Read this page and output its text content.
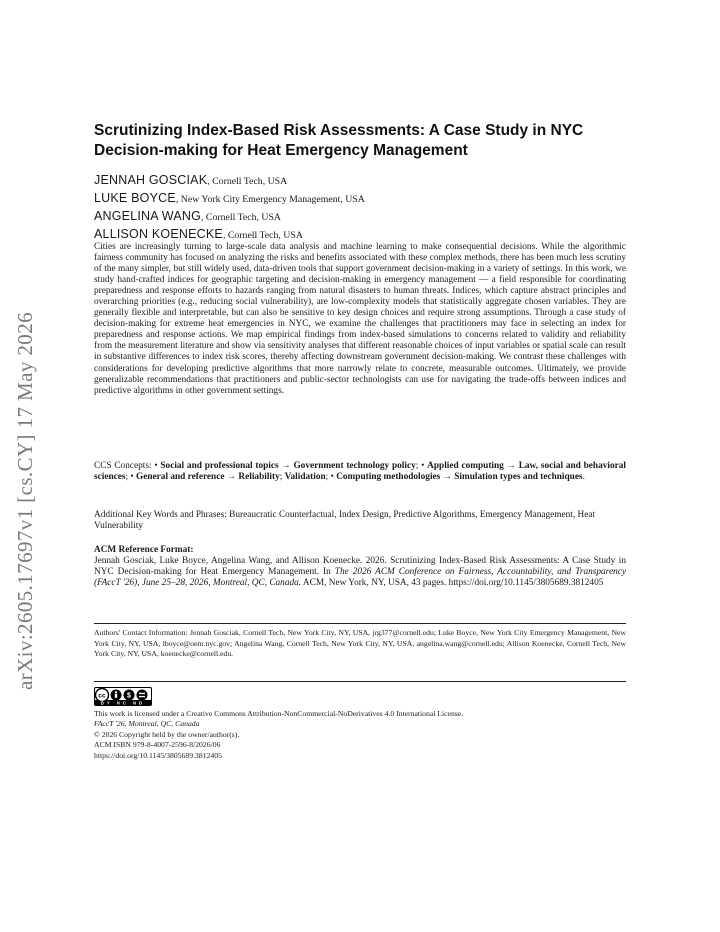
arXiv:2605.17697v1 [cs.CY] 17 May 2026
Scrutinizing Index-Based Risk Assessments: A Case Study in NYC Decision-making for Heat Emergency Management
JENNAH GOSCIAK, Cornell Tech, USA
LUKE BOYCE, New York City Emergency Management, USA
ANGELINA WANG, Cornell Tech, USA
ALLISON KOENECKE, Cornell Tech, USA
Cities are increasingly turning to large-scale data analysis and machine learning to make consequential decisions. While the algorithmic fairness community has focused on analyzing the risks and benefits associated with these complex methods, there has been much less scrutiny of the many simpler, but still widely used, data-driven tools that support government decision-making in a variety of settings. In this work, we study hand-crafted indices for geographic targeting and decision-making in emergency management — a field responsible for coordinating preparedness and response efforts to hazards ranging from natural disasters to human threats. Indices, which capture abstract principles and overarching priorities (e.g., reducing social vulnerability), are low-complexity models that statistically aggregate chosen variables. They are generally flexible and interpretable, but can also be sensitive to key design choices and require strong assumptions. Through a case study of decision-making for extreme heat emergencies in NYC, we examine the challenges that practitioners may face in selecting an index for preparedness and response actions. We map empirical findings from index-based simulations to concerns related to validity and reliability from the measurement literature and show via sensitivity analyses that different reasonable choices of input variables or spatial scale can result in substantive differences to index risk scores, thereby affecting downstream government decision-making. We contrast these challenges with considerations for developing predictive algorithms that more narrowly relate to concrete, measurable outcomes. Ultimately, we provide generalizable recommendations that practitioners and public-sector technologists can use for navigating the trade-offs between indices and predictive algorithms in other government settings.
CCS Concepts: • Social and professional topics → Government technology policy; • Applied computing → Law, social and behavioral sciences; • General and reference → Reliability; Validation; • Computing methodologies → Simulation types and techniques.
Additional Key Words and Phrases: Bureaucratic Counterfactual, Index Design, Predictive Algorithms, Emergency Management, Heat Vulnerability
ACM Reference Format:
Jennah Gosciak, Luke Boyce, Angelina Wang, and Allison Koenecke. 2026. Scrutinizing Index-Based Risk Assessments: A Case Study in NYC Decision-making for Heat Emergency Management. In The 2026 ACM Conference on Fairness, Accountability, and Transparency (FAccT '26), June 25–28, 2026, Montreal, QC, Canada. ACM, New York, NY, USA, 43 pages. https://doi.org/10.1145/3805689.3812405
Authors' Contact Information: Jennah Gosciak, Cornell Tech, New York City, NY, USA, jrg377@cornell.edu; Luke Boyce, New York City Emergency Management, New York City, NY, USA, lboyce@oem.nyc.gov; Angelina Wang, Cornell Tech, New York City, NY, USA, angelina.wang@cornell.edu; Allison Koenecke, Cornell Tech, New York City, NY, USA, koenecke@cornell.edu.
cc	$
BY NC ND
This work is licensed under a Creative Commons Attribution-NonCommercial-NoDerivatives 4.0 International License.
FAccT '26, Montreal, QC, Canada
© 2026 Copyright held by the owner/author(s).
ACM ISBN 979-8-4007-2596-8/2026/06
https://doi.org/10.1145/3805689.3812405
